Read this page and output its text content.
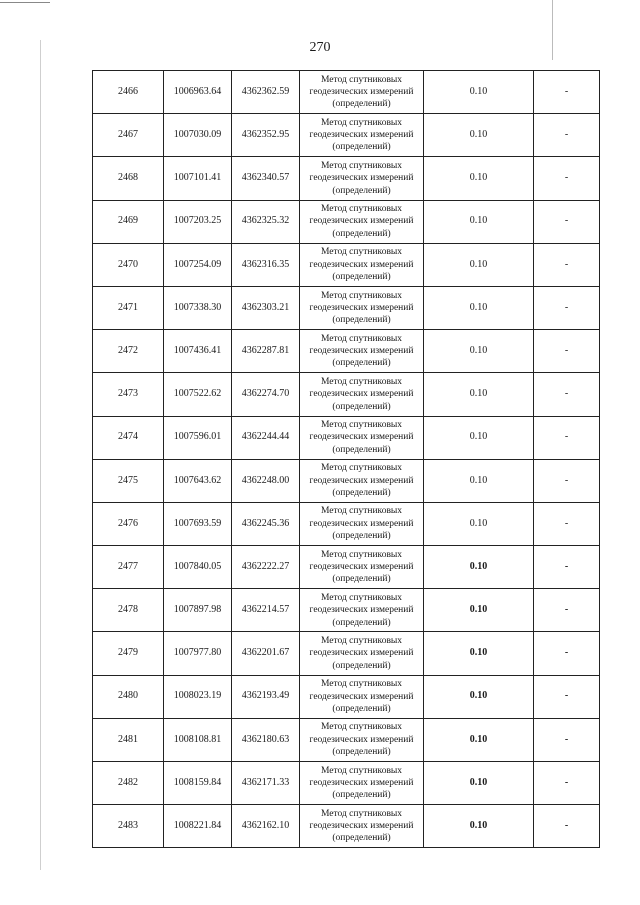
270
2466	1006963.64	4362362.59	Метод спутниковых
геодезических измерений
(определений)	0.10	-
2467	1007030.09	4362352.95	Метод спутниковых
геодезических измерений
(определений)	0.10	-
2468	1007101.41	4362340.57	Метод спутниковых
геодезических измерений
(определений)	0.10	-
2469	1007203.25	4362325.32	Метод спутниковых
геодезических измерений
(определений)	0.10	-
2470	1007254.09	4362316.35	Метод спутниковых
геодезических измерений
(определений)	0.10	-
2471	1007338.30	4362303.21	Метод спутниковых
геодезических измерений
(определений)	0.10	-
2472	1007436.41	4362287.81	Метод спутниковых
геодезических измерений
(определений)	0.10	-
2473	1007522.62	4362274.70	Метод спутниковых
геодезических измерений
(определений)	0.10	-
2474	1007596.01	4362244.44	Метод спутниковых
геодезических измерений
(определений)	0.10	-
2475	1007643.62	4362248.00	Метод спутниковых
геодезических измерений
(определений)	0.10	-
2476	1007693.59	4362245.36	Метод спутниковых
геодезических измерений
(определений)	0.10	-
2477	1007840.05	4362222.27	Метод спутниковых
геодезических измерений
(определений)	0.10	-
2478	1007897.98	4362214.57	Метод спутниковых
геодезических измерений
(определений)	0.10	-
2479	1007977.80	4362201.67	Метод спутниковых
геодезических измерений
(определений)	0.10	-
2480	1008023.19	4362193.49	Метод спутниковых
геодезических измерений
(определений)	0.10	-
2481	1008108.81	4362180.63	Метод спутниковых
геодезических измерений
(определений)	0.10	-
2482	1008159.84	4362171.33	Метод спутниковых
геодезических измерений
(определений)	0.10	-
2483	1008221.84	4362162.10	Метод спутниковых
геодезических измерений
(определений)	0.10	-
